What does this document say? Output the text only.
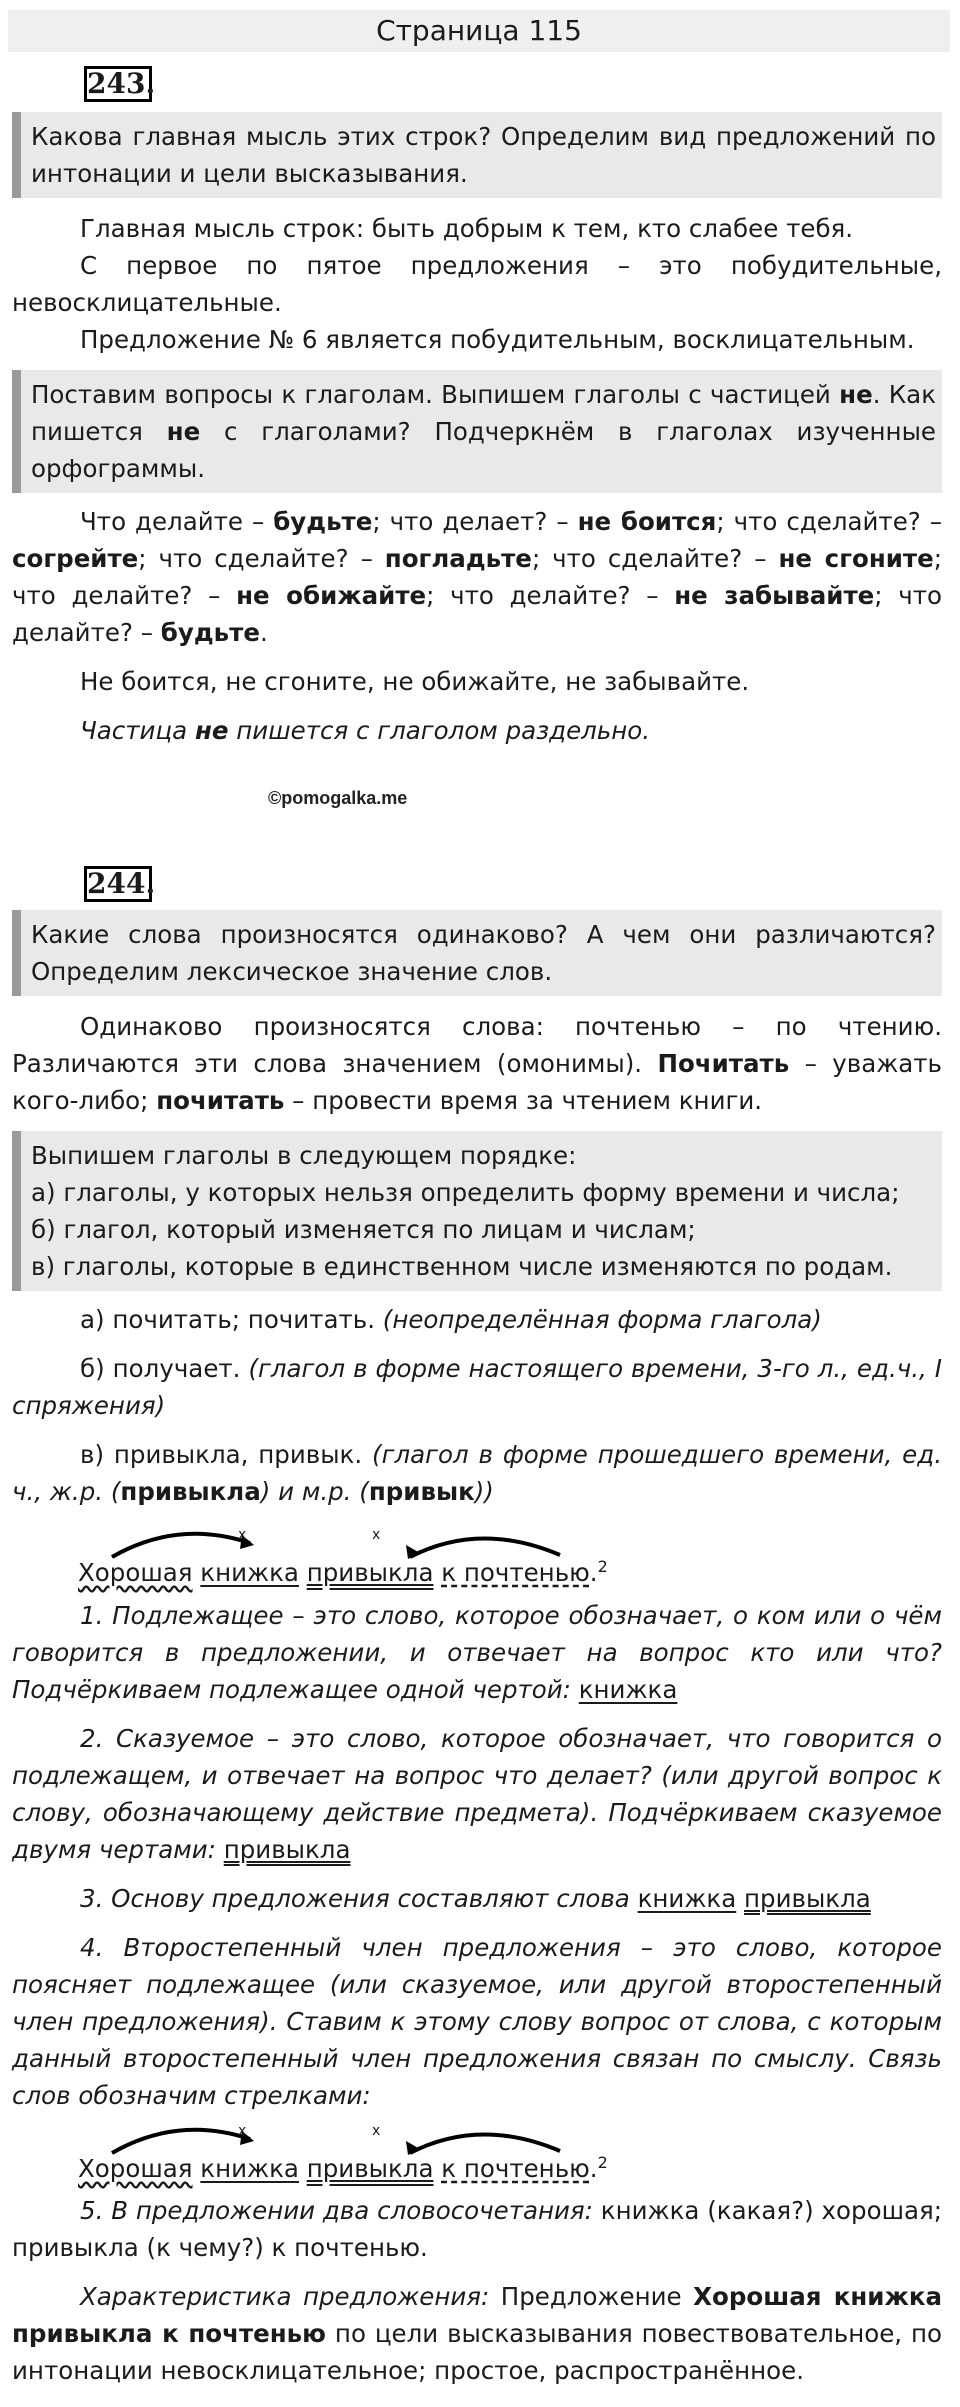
Страница 115
243.

Какова главная мысль этих строк? Определим вид предложений по интонации и цели высказывания.

Главная мысль строк: быть добрым к тем, кто слабее тебя.

С первое по пятое предложения – это побудительные, невосклицательные.

Предложение № 6 является побудительным, восклицательным.

Поставим вопросы к глаголам. Выпишем глаголы с частицей не. Как пишется не с глаголами? Подчеркнём в глаголах изученные орфограммы.

Что делайте – будьте; что делает? – не боится; что сделайте? – согрейте; что сделайте? – погладьте; что сделайте? – не сгоните; что делайте? – не обижайте; что делайте? – не забывайте; что делайте? – будьте.

Не боится, не сгоните, не обижайте, не забывайте.

Частица не пишется с глаголом раздельно.

©pomogalka.me
244.

Какие слова произносятся одинаково? А чем они различаются? Определим лексическое значение слов.

Одинаково произносятся слова: почтенью – по чтению. Различаются эти слова значением (омонимы). Почитать – уважать кого-либо; почитать – провести время за чтением книги.

Выпишем глаголы в следующем порядке:

а) глаголы, у которых нельзя определить форму времени и числа;

б) глагол, который изменяется по лицам и числам;

в) глаголы, которые в единственном числе изменяются по родам.

а) почитать; почитать. (неопределённая форма глагола)

б) получает. (глагол в форме настоящего времени, 3-го л., ед.ч., I спряжения)

в) привыкла, привык. (глагол в форме прошедшего времени, ед. ч., ж.р. (привыкла) и м.р. (привык))

x	x
Хорошая книжка привыкла к почтенью.$^2$

1. Подлежащее – это слово, которое обозначает, о ком или о чём говорится в предложении, и отвечает на вопрос кто или что? Подчёркиваем подлежащее одной чертой: книжка

2. Сказуемое – это слово, которое обозначает, что говорится о подлежащем, и отвечает на вопрос что делает? (или другой вопрос к слову, обозначающему действие предмета). Подчёркиваем сказуемое двумя чертами: привыкла

3. Основу предложения составляют слова книжка привыкла

4. Второстепенный член предложения – это слово, которое поясняет подлежащее (или сказуемое, или другой второстепенный член предложения). Ставим к этому слову вопрос от слова, с которым данный второстепенный член предложения связан по смыслу. Связь слов обозначим стрелками:

x	x
Хорошая книжка привыкла к почтенью.$^2$

5. В предложении два словосочетания: книжка (какая?) хорошая; привыкла (к чему?) к почтенью.

Характеристика предложения: Предложение Хорошая книжка привыкла к почтенью по цели высказывания повествовательное, по интонации невосклицательное; простое, распространённое.
